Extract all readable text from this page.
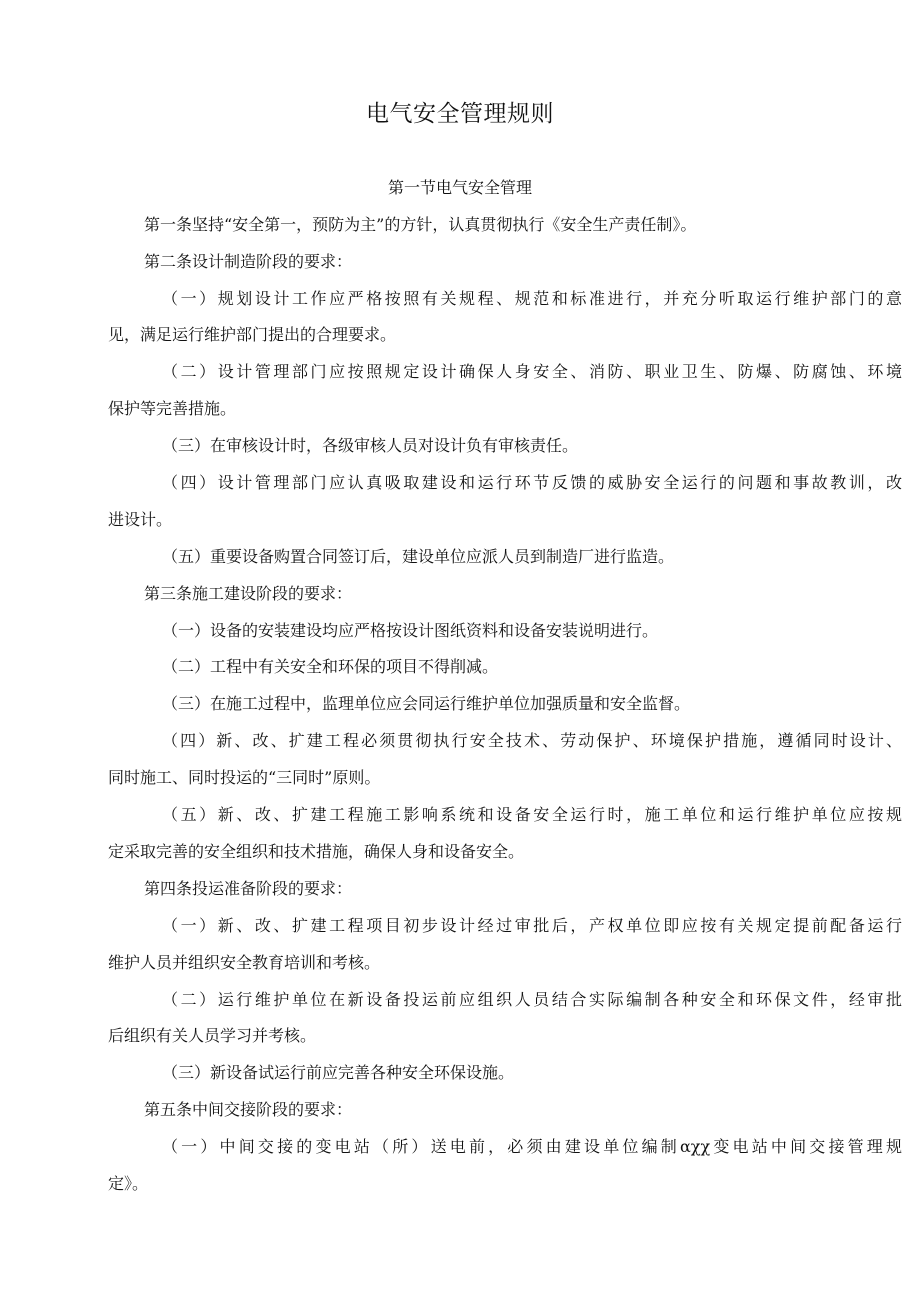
电气安全管理规则
第一节电气安全管理
第一条坚持“安全第一，预防为主”的方针，认真贯彻执行《安全生产责任制》。
第二条设计制造阶段的要求：
（一）规划设计工作应严格按照有关规程、规范和标准进行，并充分听取运行维护部门的意
见，满足运行维护部门提出的合理要求。
（二）设计管理部门应按照规定设计确保人身安全、消防、职业卫生、防爆、防腐蚀、环境
保护等完善措施。
（三）在审核设计时，各级审核人员对设计负有审核责任。
（四）设计管理部门应认真吸取建设和运行环节反馈的威胁安全运行的问题和事故教训，改
进设计。
（五）重要设备购置合同签订后，建设单位应派人员到制造厂进行监造。
第三条施工建设阶段的要求：
（一）设备的安装建设均应严格按设计图纸资料和设备安装说明进行。
（二）工程中有关安全和环保的项目不得削减。
（三）在施工过程中，监理单位应会同运行维护单位加强质量和安全监督。
（四）新、改、扩建工程必须贯彻执行安全技术、劳动保护、环境保护措施，遵循同时设计、
同时施工、同时投运的“三同时”原则。
（五）新、改、扩建工程施工影响系统和设备安全运行时，施工单位和运行维护单位应按规
定采取完善的安全组织和技术措施，确保人身和设备安全。
第四条投运准备阶段的要求：
（一）新、改、扩建工程项目初步设计经过审批后，产权单位即应按有关规定提前配备运行
维护人员并组织安全教育培训和考核。
（二）运行维护单位在新设备投运前应组织人员结合实际编制各种安全和环保文件，经审批
后组织有关人员学习并考核。
（三）新设备试运行前应完善各种安全环保设施。
第五条中间交接阶段的要求：
（一）中间交接的变电站（所）送电前，必须由建设单位编制αχχ变电站中间交接管理规
定》。
